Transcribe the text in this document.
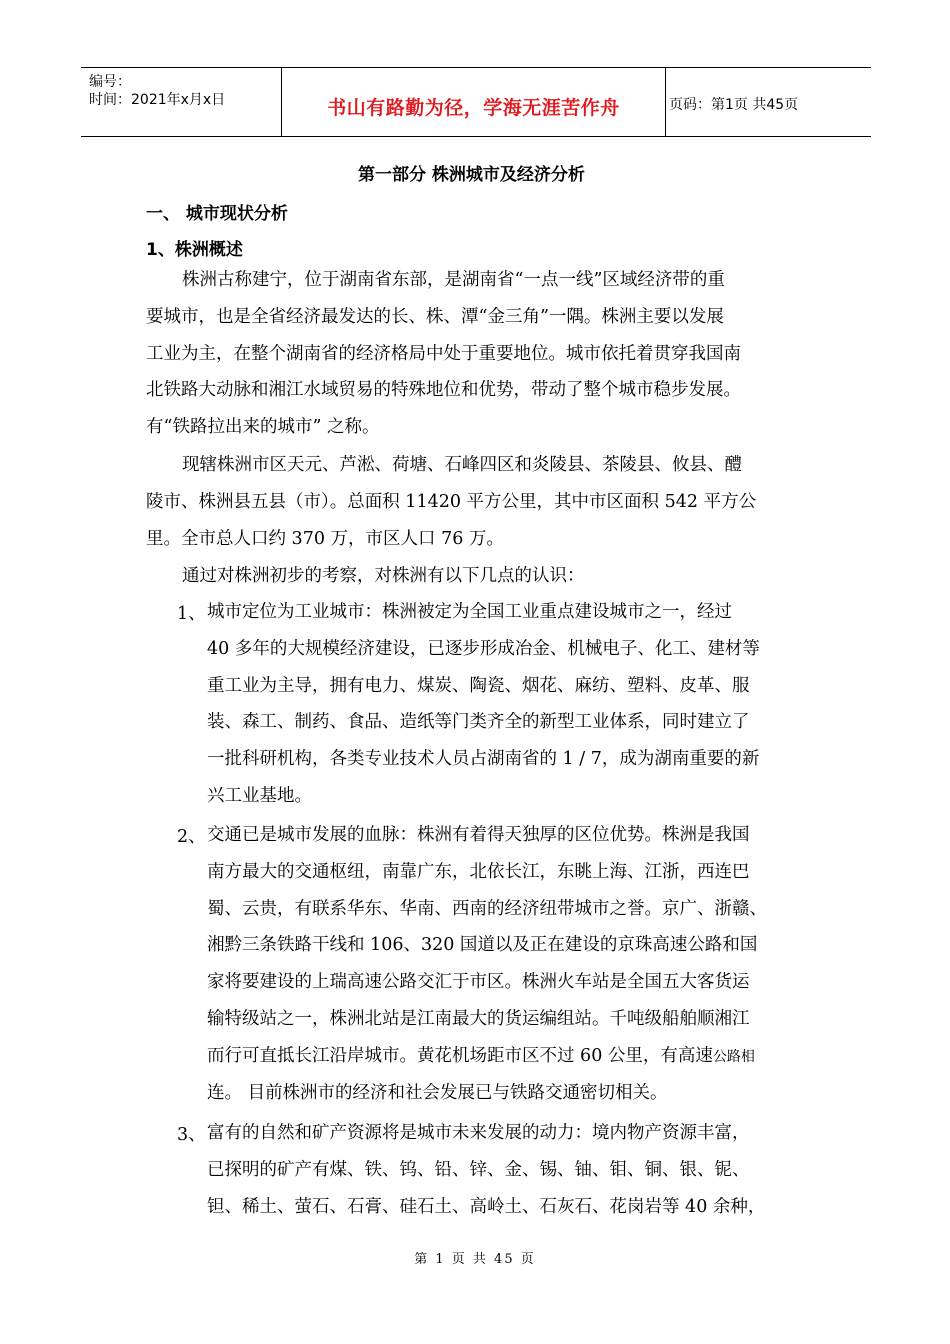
编号：
时间：2021年x月x日	书山有路勤为径，学海无涯苦作舟	页码：第1页 共45页
第一部分 株洲城市及经济分析
一、 城市现状分析
1、株洲概述
株洲古称建宁，位于湖南省东部，是湖南省“一点一线”区域经济带的重
要城市，也是全省经济最发达的长、株、潭“金三角”一隅。株洲主要以发展
工业为主，在整个湖南省的经济格局中处于重要地位。城市依托着贯穿我国南
北铁路大动脉和湘江水域贸易的特殊地位和优势，带动了整个城市稳步发展。
有“铁路拉出来的城市” 之称。
现辖株洲市区天元、芦淞、荷塘、石峰四区和炎陵县、茶陵县、攸县、醴
陵市、株洲县五县（市）。总面积 11420 平方公里，其中市区面积 542 平方公
里。全市总人口约 370 万，市区人口 76 万。
通过对株洲初步的考察，对株洲有以下几点的认识：
1、 城市定位为工业城市：株洲被定为全国工业重点建设城市之一，经过
40 多年的大规模经济建设，已逐步形成冶金、机械电子、化工、建材等
重工业为主导，拥有电力、煤炭、陶瓷、烟花、麻纺、塑料、皮革、服
装、森工、制药、食品、造纸等门类齐全的新型工业体系，同时建立了
一批科研机构，各类专业技术人员占湖南省的 1 / 7，成为湖南重要的新
兴工业基地。
2、 交通已是城市发展的血脉：株洲有着得天独厚的区位优势。株洲是我国
南方最大的交通枢纽，南靠广东，北依长江，东眺上海、江浙，西连巴
蜀、云贵，有联系华东、华南、西南的经济纽带城市之誉。京广、浙赣、
湘黔三条铁路干线和 106、320 国道以及正在建设的京珠高速公路和国
家将要建设的上瑞高速公路交汇于市区。株洲火车站是全国五大客货运
输特级站之一，株洲北站是江南最大的货运编组站。千吨级船舶顺湘江
而行可直抵长江沿岸城市。黄花机场距市区不过 60 公里，有高速公路相
连。 目前株洲市的经济和社会发展已与铁路交通密切相关。
3、 富有的自然和矿产资源将是城市未来发展的动力：境内物产资源丰富，
已探明的矿产有煤、铁、钨、铅、锌、金、锡、铀、钼、铜、银、铌、
钽、稀土、萤石、石膏、硅石土、高岭土、石灰石、花岗岩等 40 余种，
第 1 页 共 45 页
